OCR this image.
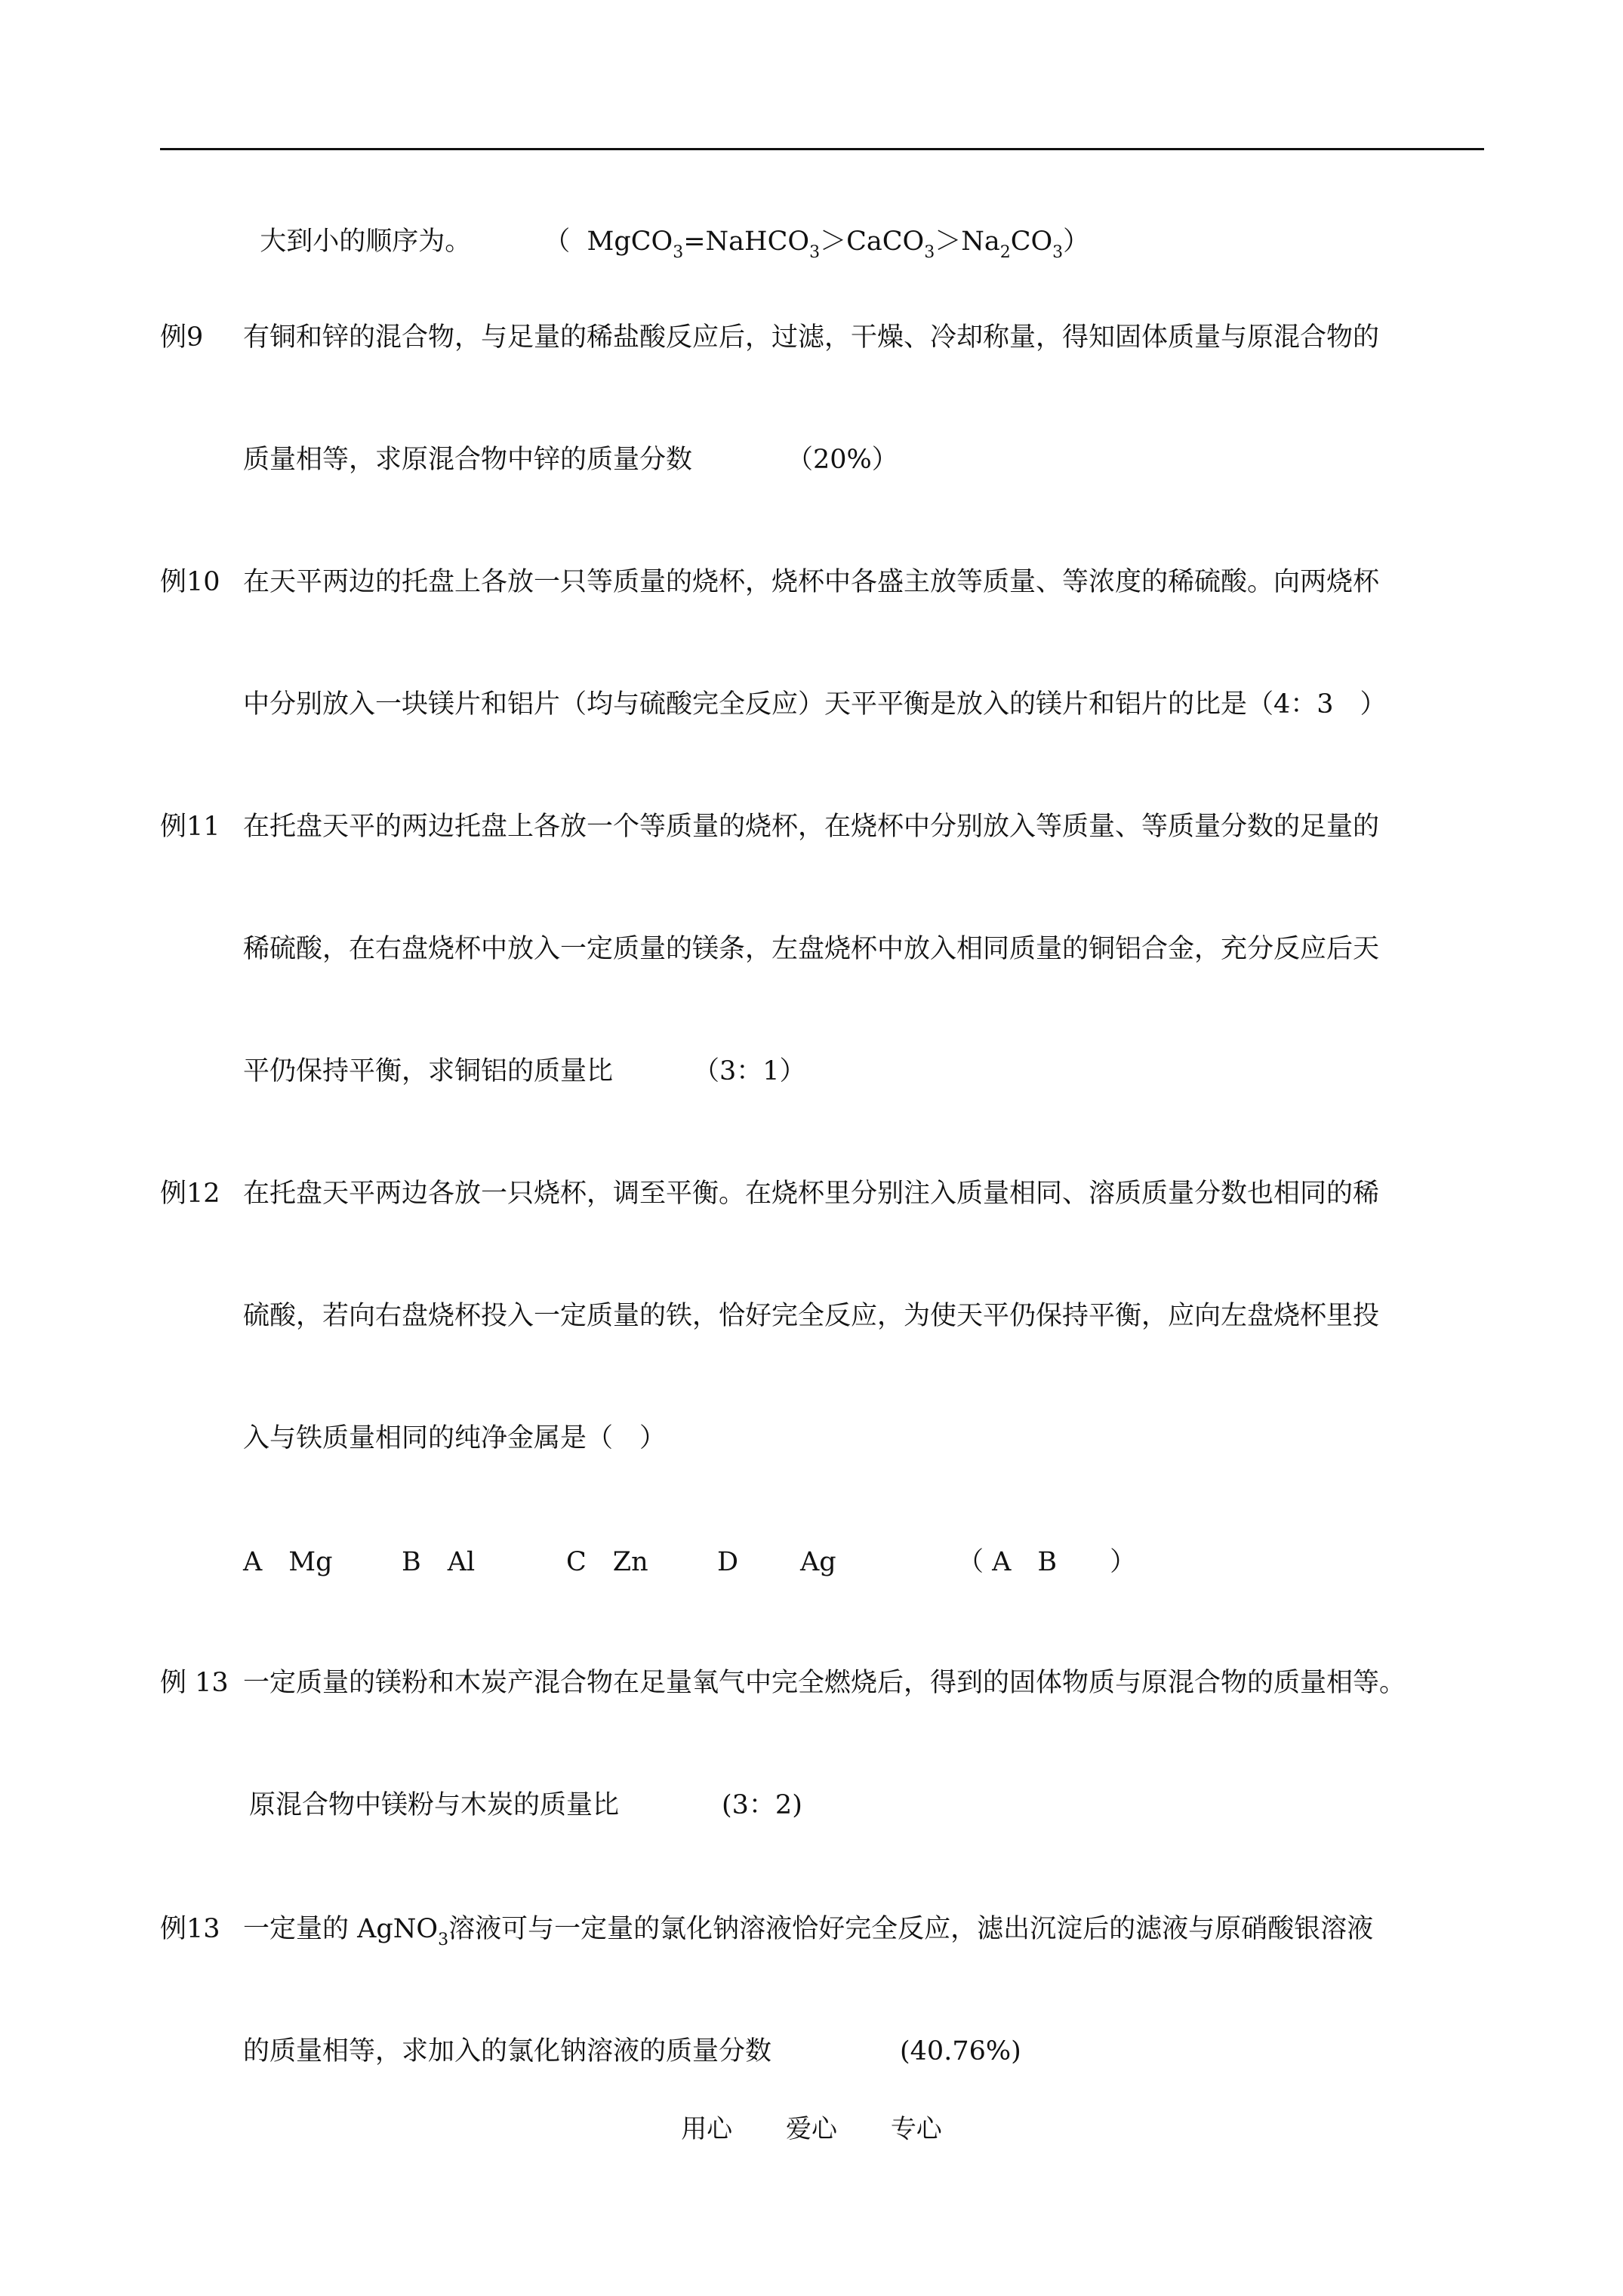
大到小的顺序为。	（  $MgCO_3=NaHCO_3>CaCO_3>Na_2CO_3$）

例9 有铜和锌的混合物，与足量的稀盐酸反应后，过滤，干燥、冷却称量，得知固体质量与原混合物的
质量相等，求原混合物中锌的质量分数	（20%）
例10 在天平两边的托盘上各放一只等质量的烧杯，烧杯中各盛主放等质量、等浓度的稀硫酸。向两烧杯
中分别放入一块镁片和铝片（均与硫酸完全反应）天平平衡是放入的镁片和铝片的比是（4：3　）
例11 在托盘天平的两边托盘上各放一个等质量的烧杯，在烧杯中分别放入等质量、等质量分数的足量的
稀硫酸，在右盘烧杯中放入一定质量的镁条，左盘烧杯中放入相同质量的铜铝合金，充分反应后天
平仍保持平衡，求铜铝的质量比	（3：1）
例12 在托盘天平两边各放一只烧杯，调至平衡。在烧杯里分别注入质量相同、溶质质量分数也相同的稀
硫酸，若向右盘烧杯投入一定质量的铁，恰好完全反应，为使天平仍保持平衡，应向左盘烧杯里投
入与铁质量相同的纯净金属是（　）
A　Mg	B　Al	C　Zn	D Ag	（ A　B　　）
例 13 一定质量的镁粉和木炭产混合物在足量氧气中完全燃烧后，得到的固体物质与原混合物的质量相等。
原混合物中镁粉与木炭的质量比	(3：2)
例13 一定量的 AgNO$_3$溶液可与一定量的氯化钠溶液恰好完全反应，滤出沉淀后的滤液与原硝酸银溶液
的质量相等，求加入的氯化钠溶液的质量分数	(40.76%)
用心 爱心 专心
